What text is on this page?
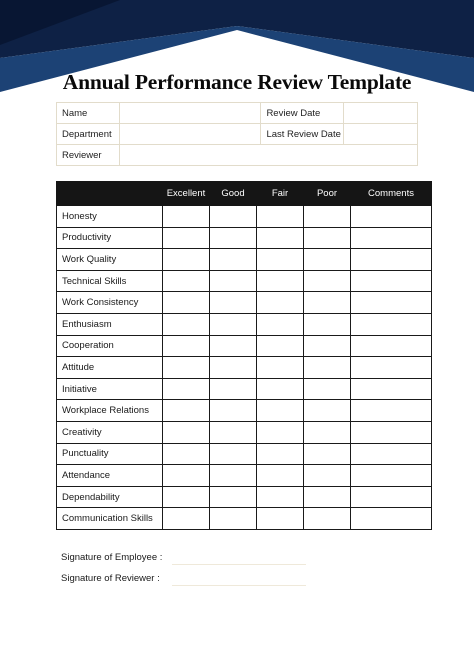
Annual Performance Review Template
Name		Review Date	
Department		Last Review Date	
Reviewer			
	Excellent	Good	Fair	Poor	Comments
Honesty					
Productivity					
Work Quality					
Technical Skills					
Work Consistency					
Enthusiasm					
Cooperation					
Attitude					
Initiative					
Workplace Relations					
Creativity					
Punctuality					
Attendance					
Dependability					
Communication Skills					
Signature of Employee :
Signature of Reviewer :
